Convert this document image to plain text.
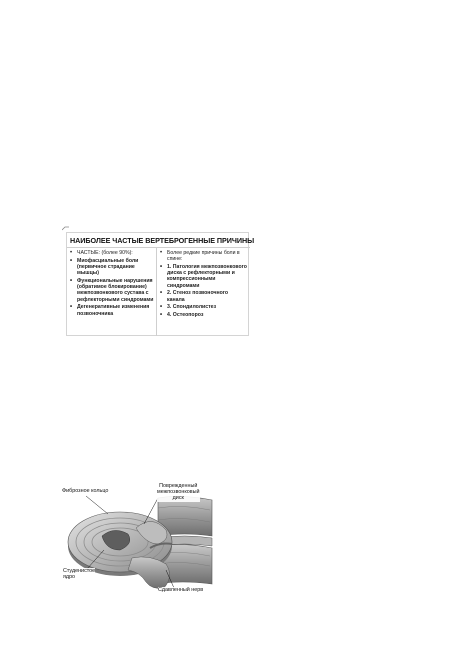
НАИБОЛЕЕ ЧАСТЫЕ ВЕРТЕБРОГЕННЫЕ ПРИЧИНЫ
• ЧАСТЫЕ: (более 90%):
• Миофасциальные боли (первичное страдание мышцы)
• Функциональные нарушения (обратимое блокирование) межпозвонкового сустава с рефлекторными синдромами
• Дегенеративные изменения позвоночника
• Более редкие причины боли в спине:
• 1. Патология межпозвонкового диска с рефлекторными и компрессионными синдромами
• 2. Стеноз позвоночного канала
• 3. Спондилолистез
• 4. Остеопороз
Фиброзное кольцо
Поврежденный
межпозвонковый
диск
Студенистое
ядро
Сдавленный нерв
